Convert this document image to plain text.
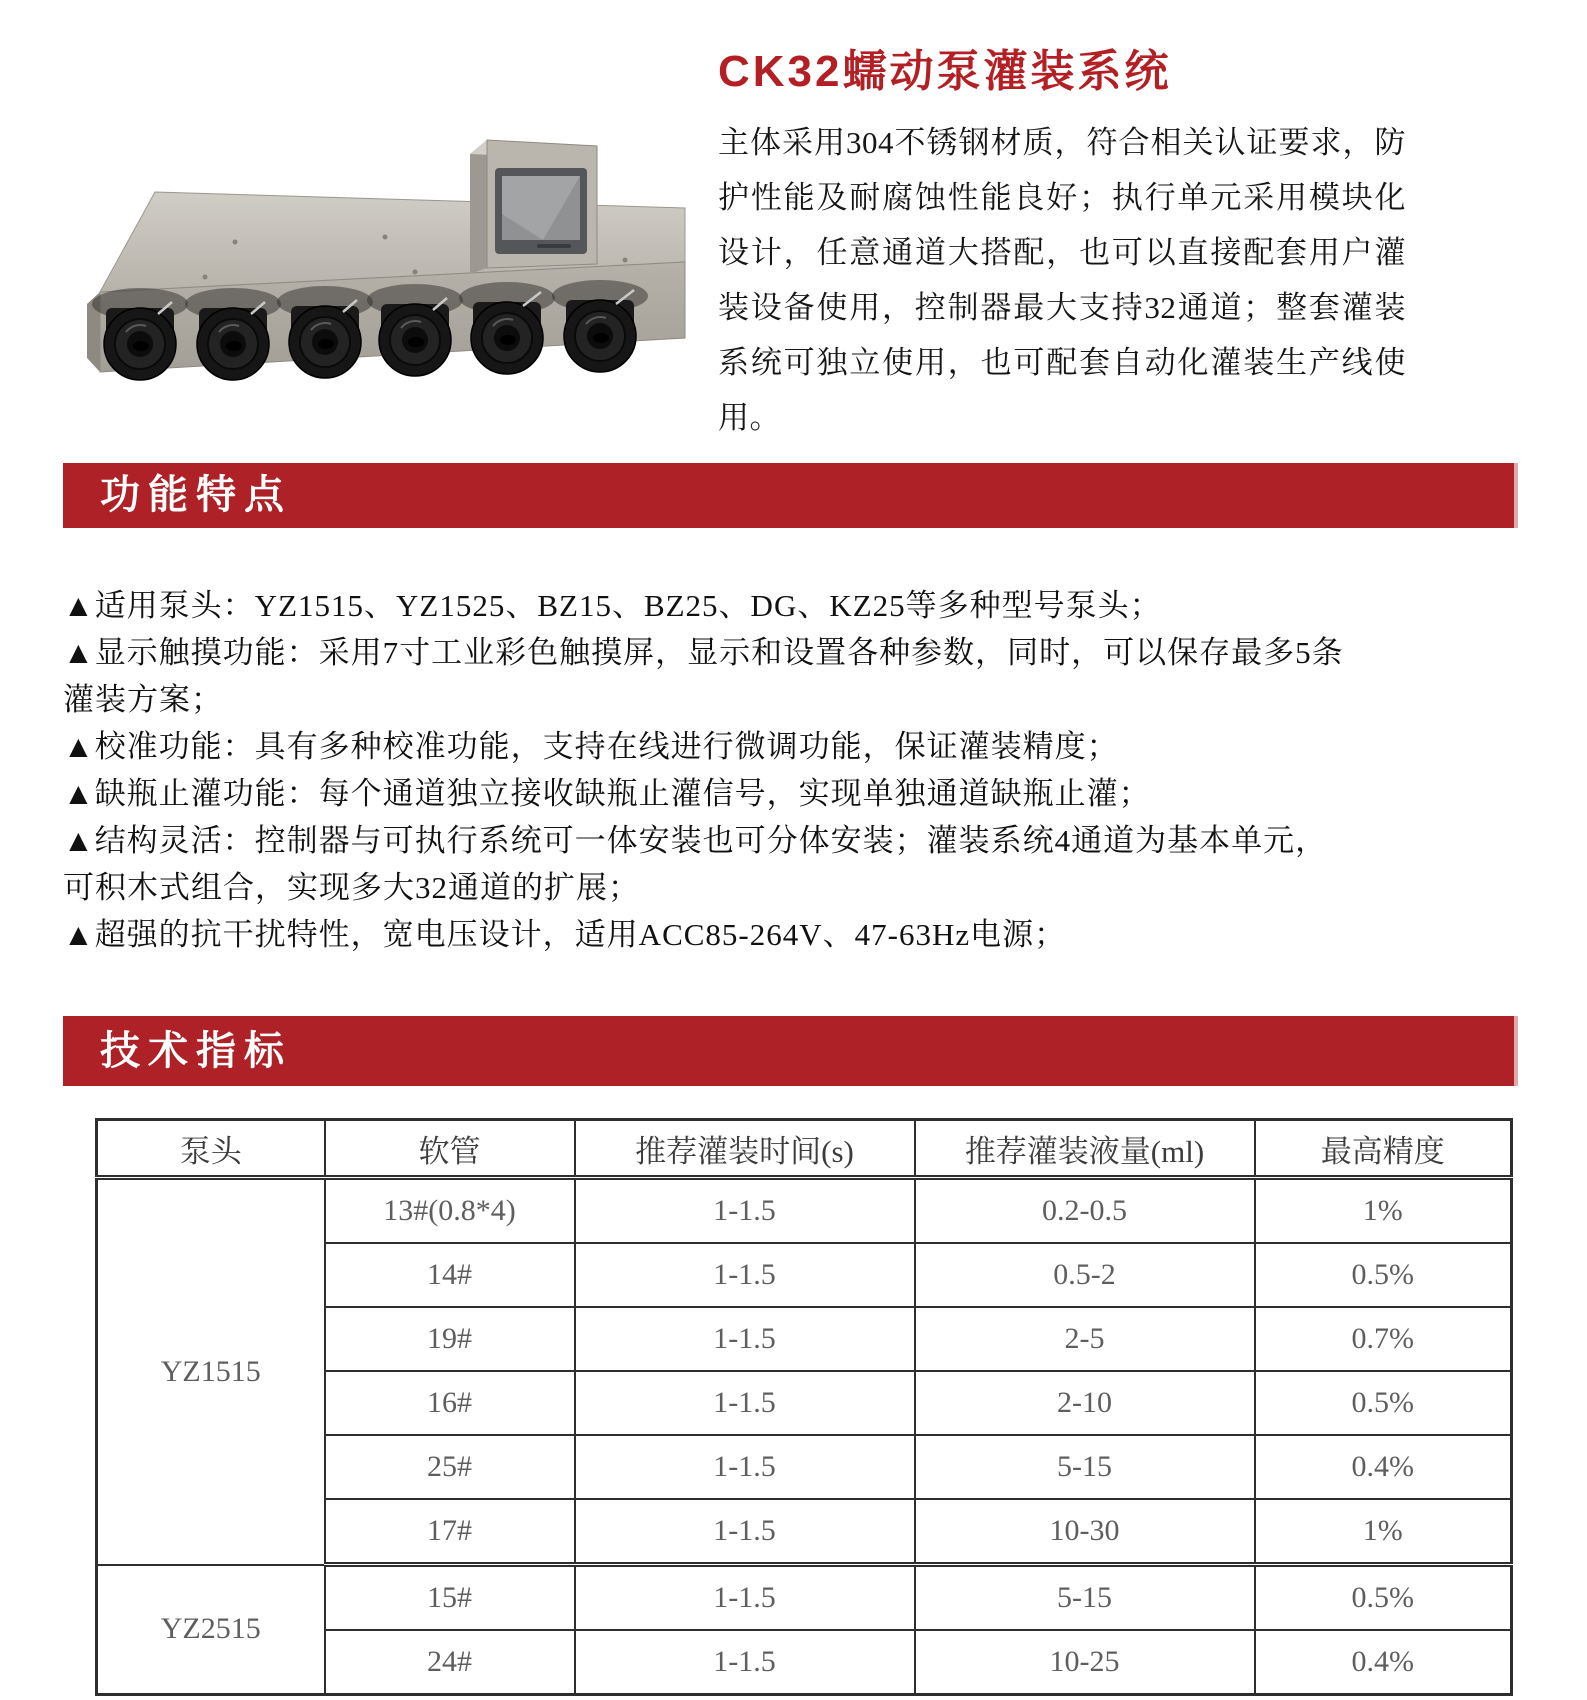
CK32蠕动泵灌装系统

主体采用304不锈钢材质，符合相关认证要求，防护性能及耐腐蚀性能良好；执行单元采用模块化设计，任意通道大搭配，也可以直接配套用户灌装设备使用，控制器最大支持32通道；整套灌装系统可独立使用，也可配套自动化灌装生产线使用。

功能特点
▲适用泵头：YZ1515、YZ1525、BZ15、BZ25、DG、KZ25等多种型号泵头；
▲显示触摸功能：采用7寸工业彩色触摸屏，显示和设置各种参数，同时，可以保存最多5条
灌装方案；
▲校准功能：具有多种校准功能，支持在线进行微调功能，保证灌装精度；
▲缺瓶止灌功能：每个通道独立接收缺瓶止灌信号，实现单独通道缺瓶止灌；
▲结构灵活：控制器与可执行系统可一体安装也可分体安装；灌装系统4通道为基本单元，
可积木式组合，实现多大32通道的扩展；
▲超强的抗干扰特性，宽电压设计，适用ACC85-264V、47-63Hz电源；
技术指标
泵头	软管	推荐灌装时间(s)	推荐灌装液量(ml)	最高精度
YZ1515	13#(0.8*4)	1-1.5	0.2-0.5	1%
	14#	1-1.5	0.5-2	0.5%
	19#	1-1.5	2-5	0.7%
	16#	1-1.5	2-10	0.5%
	25#	1-1.5	5-15	0.4%
	17#	1-1.5	10-30	1%
YZ2515	15#	1-1.5	5-15	0.5%
	24#	1-1.5	10-25	0.4%
